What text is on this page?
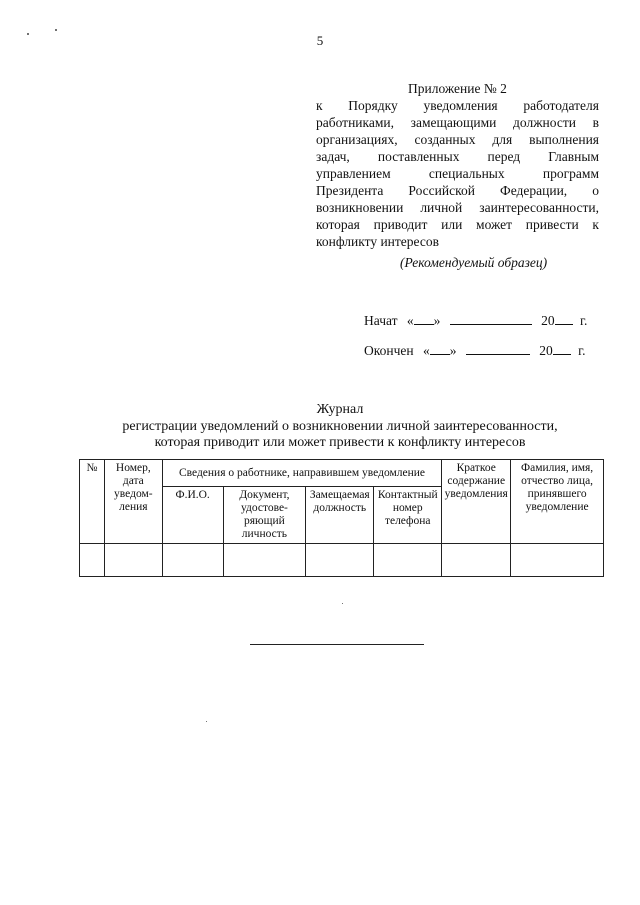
5
Приложение № 2
к Порядку уведомления работодателя
работниками, замещающими должности в
организациях, созданных для выполнения
задач, поставленных перед Главным
управлением специальных программ
Президента Российской Федерации, о
возникновении личной заинтересованности,
которая приводит или может привести к
конфликту интересов
(Рекомендуемый образец)
Начат « »	20 г.
Окончен « »	20 г.
Журнал
регистрации уведомлений о возникновении личной заинтересованности,
которая приводит или может привести к конфликту интересов
№	Номер, дата уведом-ления	Сведения о работнике, направившем уведомление				Краткое содержание уведомления	Фамилия, имя, отчество лица, принявшего уведомление
		Ф.И.О.	Документ, удостове-ряющий личность	Замещаемая должность	Контактный номер телефона		
